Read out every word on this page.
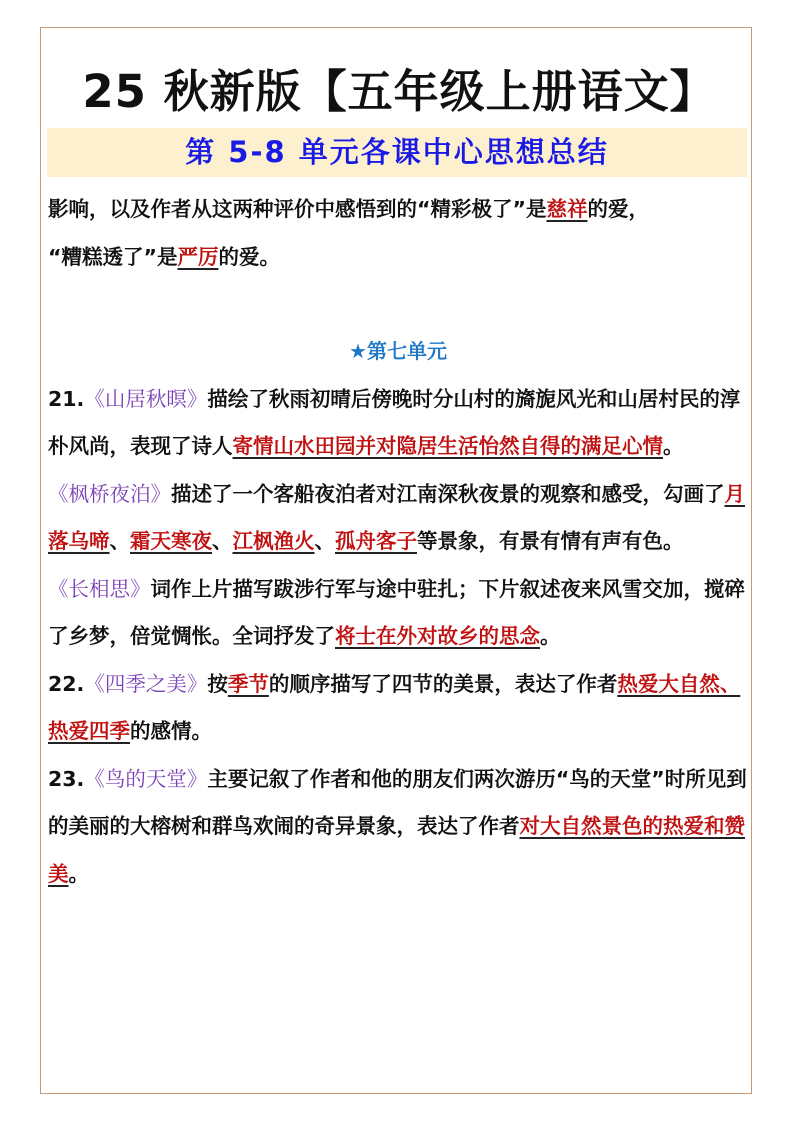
25 秋新版【五年级上册语文】
第 5-8 单元各课中心思想总结

影响，以及作者从这两种评价中感悟到的“精彩极了”是慈祥的爱，
“糟糕透了”是严厉的爱。

★第七单元

21.《山居秋暝》描绘了秋雨初晴后傍晚时分山村的旖旎风光和山居村民的淳朴风尚，表现了诗人寄情山水田园并对隐居生活怡然自得的满足心情。

《枫桥夜泊》描述了一个客船夜泊者对江南深秋夜景的观察和感受，勾画了月落乌啼、霜天寒夜、江枫渔火、孤舟客子等景象，有景有情有声有色。

《长相思》词作上片描写跋涉行军与途中驻扎；下片叙述夜来风雪交加，搅碎了乡梦，倍觉惆怅。全词抒发了将士在外对故乡的思念。

22.《四季之美》按季节的顺序描写了四节的美景，表达了作者热爱大自然、热爱四季的感情。

23.《鸟的天堂》主要记叙了作者和他的朋友们两次游历“鸟的天堂”时所见到的美丽的大榕树和群鸟欢闹的奇异景象，表达了作者对大自然景色的热爱和赞美。
